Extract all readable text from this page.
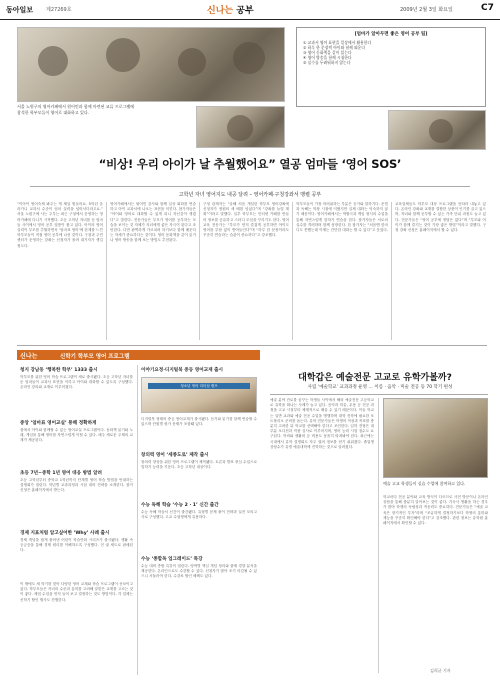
동아일보	제27269호	신나는 공부	2009년 2월 3일 화요일	C7
서울 노원구의 영어카페에서 원어민과 함께 마련된 교류 프로그램에 참석한 학부모들이 영어로 대화하고 있다.
[엄마가 알아두면 좋은 영어 공부 팁]
① 교과서 영어 표현을 일상에서 활용한다
② 하루 한 문장씩 아이와 함께 외운다
③ 영어 동화책을 같이 읽는다
④ 영어 방송을 함께 시청한다
⑤ 실수를 두려워하지 않는다
“비상! 우리 아이가 날 추월했어요” 열공 엄마들 ‘영어 SOS’
고학년 자녀 영어지도 내공 달려 – 영어카페·구청강좌서 맹렬 공부
“이아이 영어숙제 봐주는 게 제일 힘들어요. 5학년 올라가니 교과서 수준이 엄마 실력을 넘어서더라고요.” 서울 노원구에 사는 주부는 최근 구청에서 운영하는 영어카페에 다니기 시작했다. 초등 고학년 자녀를 둔 엄마들 사이에서 영어 공부 열풍이 불고 있다. 아이의 영어 실력이 부모를 추월하면서 ‘엄마표 영어’에 한계를 느낀 학부모들이 직접 영어 공부에 나선 것이다. 구청과 주민센터가 운영하는 강좌는 신청자가 몰려 대기자가 생길 정도다.
영어카페에서는 원어민 강사와 함께 일상 회화를 연습하고 아이 교과서에 나오는 표현을 익힌다. 참가자들은 “아이와 영어로 대화할 수 있게 되니 자신감이 생겼다”고 말한다. 전문가들은 부모가 영어를 공부하는 모습을 보이는 것 자체가 자녀에게 좋은 자극이 된다고 조언한다. 다만 완벽하게 가르치려 하기보다 함께 배운다는 자세가 중요하다는 것이다. 영어 동화책을 같이 읽거나 영어 방송을 함께 보는 방법도 추천된다.
구청 관계자는 “올해 처음 개설한 학부모 영어강좌에 신청자가 정원의 세 배를 넘었다”며 “강좌를 늘릴 계획”이라고 말했다. 일부 학부모는 인터넷 카페를 만들어 정보를 공유하고 스터디 모임을 꾸리기도 한다. 영어 교육 전문가는 “부모가 먼저 즐겁게 공부하면 아이도 영어를 부담 없이 받아들인다”며 “하루 한 문장이라도 꾸준히 연습하는 습관이 중요하다”고 강조했다.
학부모들이 가장 어려워하는 부분은 듣기와 말하기다. 문법과 독해는 학창 시절에 익혔지만 실제 대화는 익숙하지 않기 때문이다. 영어카페에서는 역할극과 게임 형식의 수업을 통해 자연스럽게 말하기 연습을 한다. 참가자들은 서로의 실수를 격려하며 함께 성장한다. 한 참가자는 “처음엔 한마디도 못했는데 이제는 간단한 대화는 할 수 있다”고 웃었다.
교육업체들도 학부모 대상 프로그램을 잇따라 내놓고 있다. 온라인 강좌와 교재를 결합한 상품이 인기를 끌고 있으며, 자녀와 함께 공부할 수 있는 가족 단위 과정도 늘고 있다. 전문가들은 “영어 공부에 정답은 없다”며 “부모와 아이가 함께 즐기는 것이 가장 좋은 방법”이라고 말했다. 구청 강좌 신청은 홈페이지에서 할 수 있다.
신나는	신학기 학부모 영어 프로그램
청지 강남동 ‘행복한 학부’ 1333 출시
학부모를 위한 영어 학습 프로그램이 새로 출시됐다. 초등 고학년 자녀를 둔 엄마들이 교과서 표현을 익히고 아이와 대화할 수 있도록 구성했다. 온라인 강의와 교재로 이루어졌다.
중앙 ‘엄마표 영어교실’ 통해 정확하게
집에서 아이와 함께할 수 있는 영어교실 프로그램이다. 동화책 읽기와 노래, 게임을 통해 영어를 자연스럽게 익힐 수 있다. 매주 새로운 주제의 교재가 제공된다.
초등 7년~중학 1년 영어 대응 방법 알려
초등 고학년부터 중학교 1학년까지 단계별 영어 학습 방법을 안내하는 설명회가 열린다. 학년별 교과과정과 시험 대비 전략을 소개한다. 참가 신청은 홈페이지에서 받는다.
경제 지표처럼 알고싶어한 ‘Why’ 사례 출시
경제 개념을 쉽게 풀어낸 어린이 학습만화 시리즈가 출시됐다. 생활 속 궁금증을 통해 경제 원리를 이해하도록 구성했다. 전 권 세트로 판매된다.
이 밖에도 새 학기를 맞아 다양한 영어 교재와 학습 프로그램이 선보이고 있다. 학부모들은 자녀의 수준과 흥미를 고려해 알맞은 교재를 고르는 것이 좋다. 체험 수업을 먼저 들어 보고 결정하는 것도 방법이다. 각 업체는 신학기 할인 행사도 진행한다.
이야기요정·디지털북 중등 영어교재 출시
청소년 영어 리더십 캠프
디지털북 형태의 중등 영어교재가 출시됐다. 듣기와 읽기를 함께 연습할 수 있으며 단원별 평가 문제가 포함돼 있다.
창의력 영어 ‘세종도로’ 제작 출시
창의력 향상을 위한 영어 프로그램이 제작됐다. 토론과 발표 중심 수업으로 말하기 능력을 키운다. 초등 고학년 대상이다.
수능 독해 학습 ‘수능 2 · 1’ 신간 출간
수능 독해 학습서 신간이 출간됐다. 유형별 문제 풀이 전략과 실전 모의고사로 구성했다. 고교 수험생에게 유용하다.
수능 ‘종합독 업그레이드’ 특강
수능 대비 종합 특강이 열린다. 영역별 핵심 개념 정리와 출제 경향 분석을 제공한다. 온라인으로도 수강할 수 있다. 신청자가 많아 조기 마감될 수 있으니 서둘러야 한다. 수강료 할인 혜택도 있다.
대학갑은 예술전문 고교로 유학가볼까?
사립 ‘예술학교’ 교과과정 운영 … 이름 · 음악 · 미술 전공 등 70 학기 편성
예술 분야 진로를 꿈꾸는 학생들 사이에서 해외 예술전문 고등학교로 유학을 떠나는 사례가 늘고 있다. 음악과 미술, 무용 등 전공 과정을 고교 시절부터 체계적으로 배울 수 있기 때문이다. 이들 학교는 일반 교과와 예술 전공 수업을 병행하며 대학 진학에 필요한 포트폴리오 준비를 돕는다. 유학 전문가들은 학생의 적성과 목표를 충분히 고려한 뒤 학교를 선택해야 한다고 조언한다. 입학 전형은 대부분 오디션과 작품 심사로 이루어지며, 영어 능력 시험 점수도 요구된다. 학비와 생활비 등 비용도 꼼꼼히 따져봐야 한다. 최근에는 국내에서 유학 설명회도 자주 열려 정보를 얻기 쉬워졌다. 졸업생 상당수가 유명 예술대학에 진학하는 것으로 알려졌다.
예술 고교 학생들이 실습 수업에 참여하고 있다.
학교마다 전공 분야와 교육 방식이 다르므로 사전 방문이나 온라인 상담을 통해 충분히 알아보는 것이 좋다. 기숙사 생활을 하는 경우가 많아 학생의 독립성과 적응력도 중요하다. 전문가들은 “예술 교육은 장기적인 투자”라며 “조급하게 결정하기보다 학생의 흥미와 재능을 꾸준히 확인해야 한다”고 강조했다. 관련 정보는 유학원 홈페이지에서 확인할 수 있다.
김희균 기자
